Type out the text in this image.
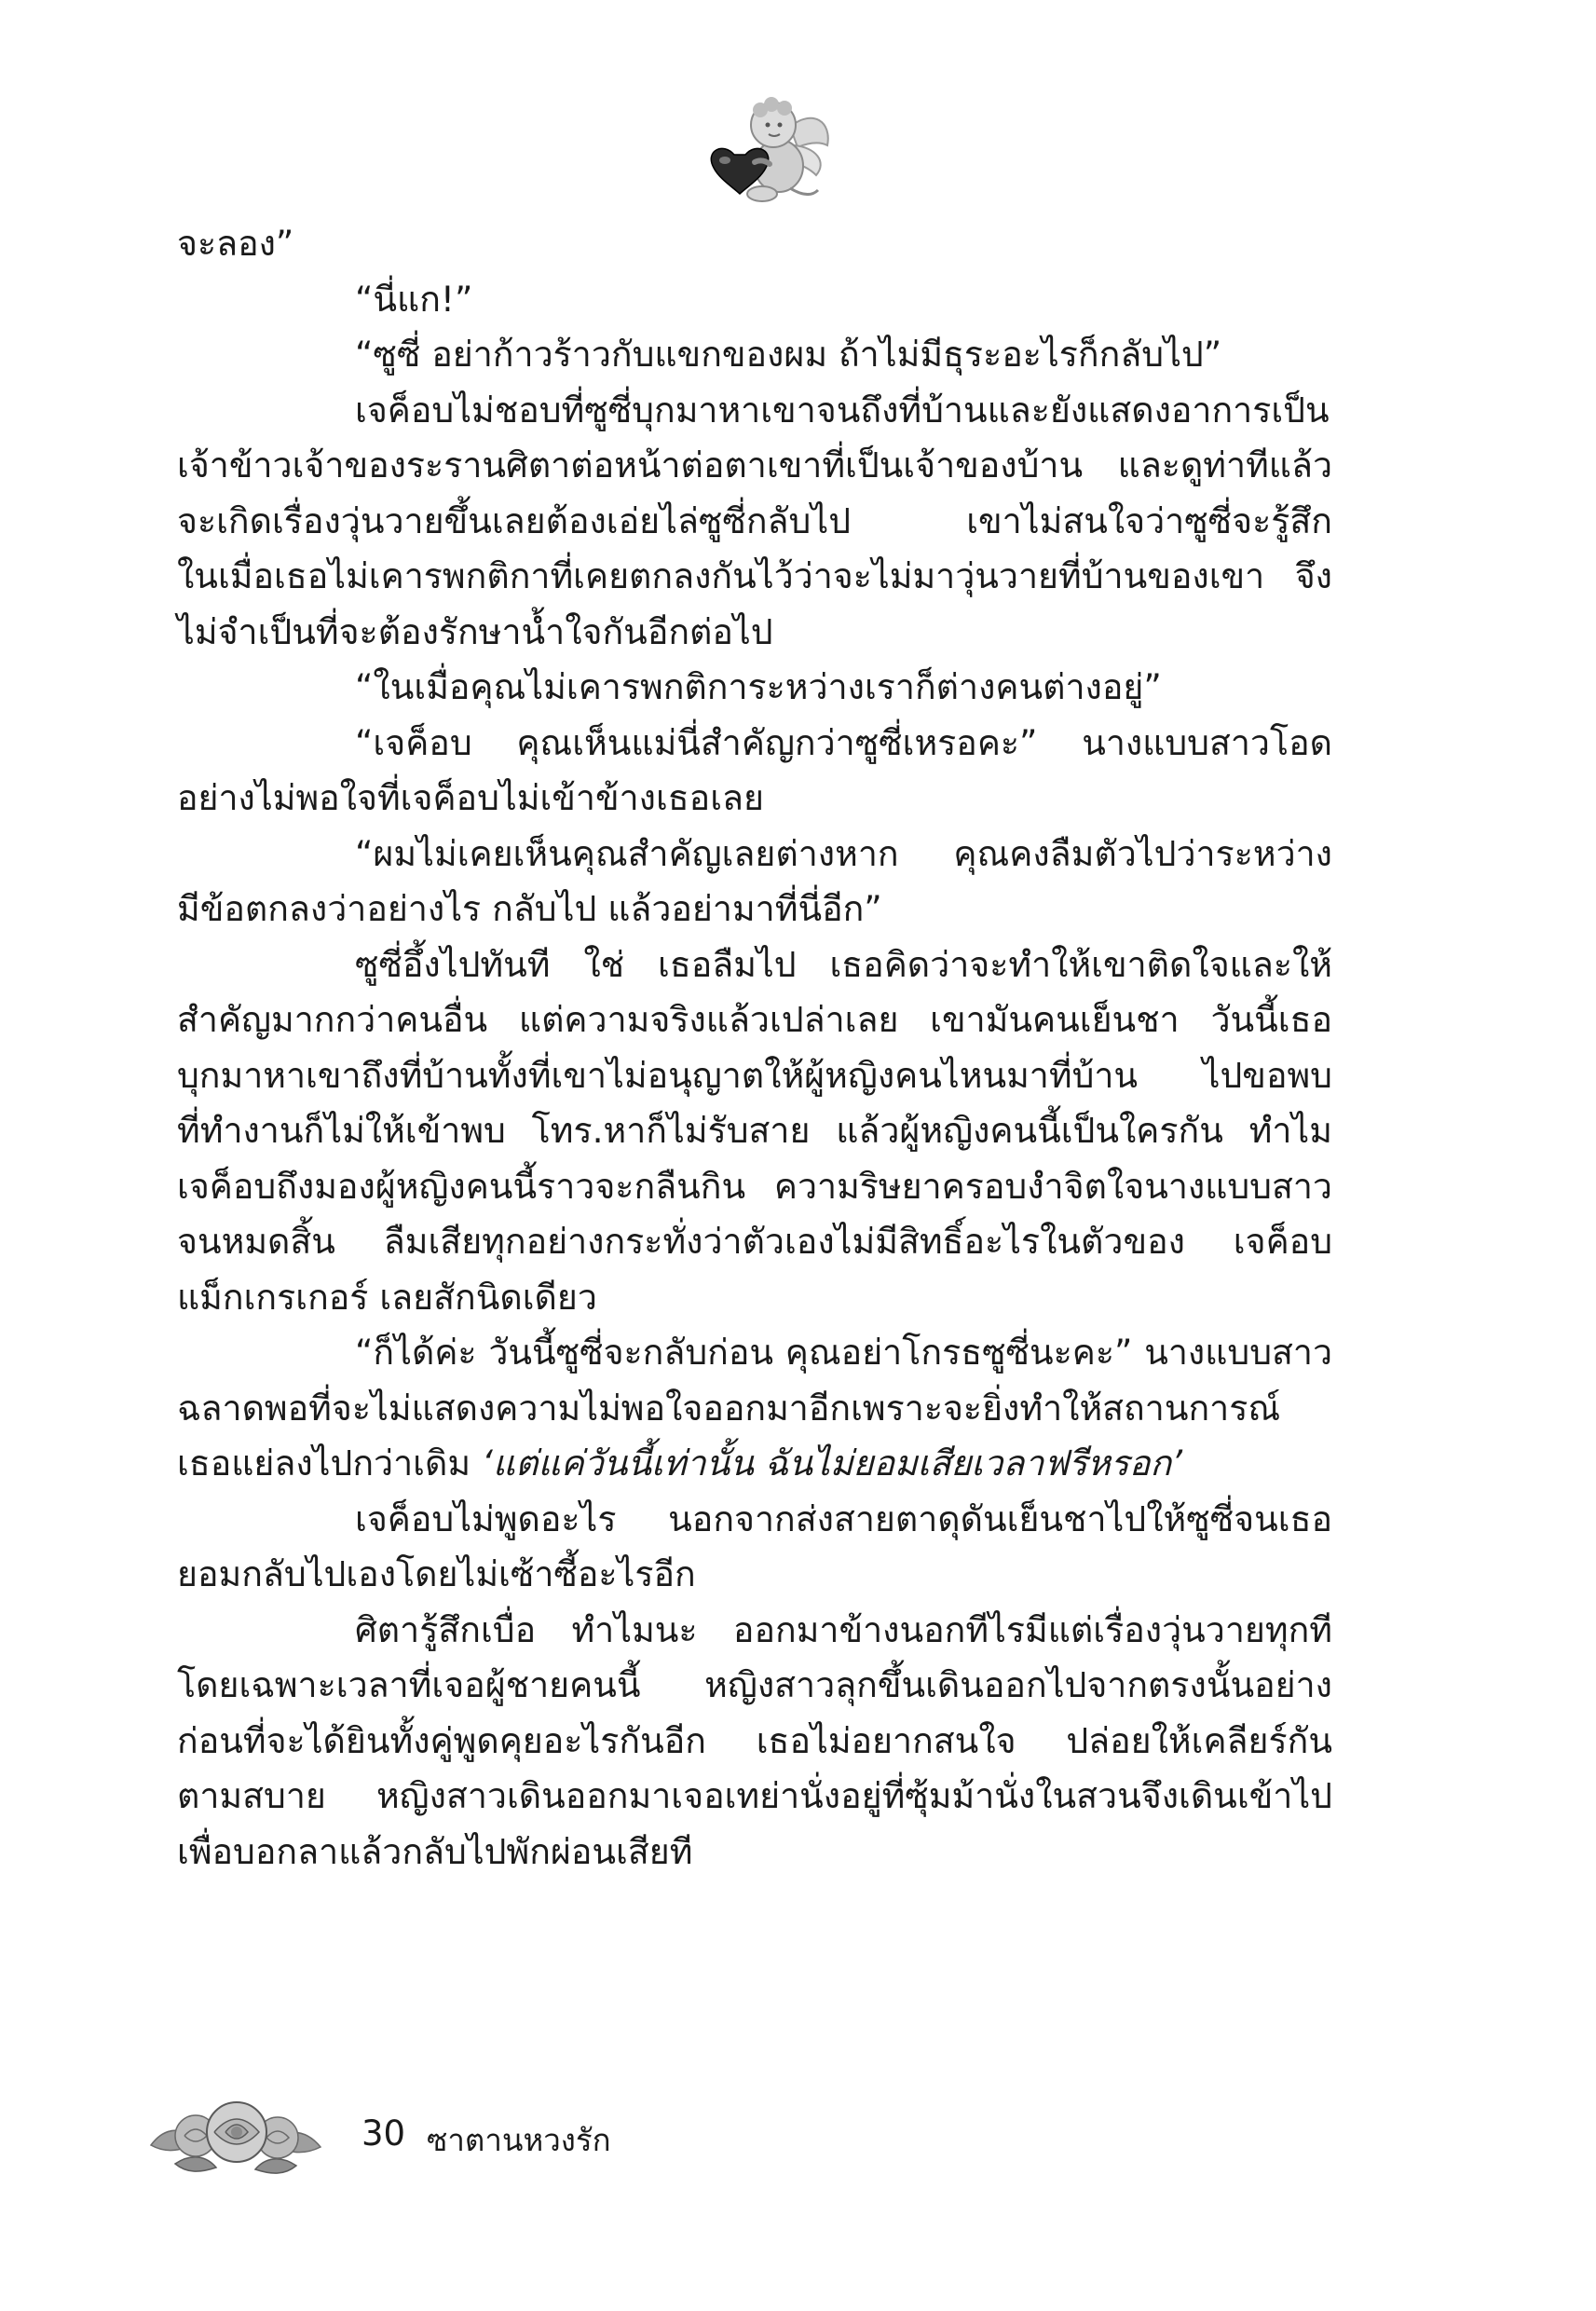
จะลอง”
“นี่แก!”
“ซูซี่ อย่าก้าวร้าวกับแขกของผม ถ้าไม่มีธุระอะไรก็กลับไป”
เจค็อบไม่ชอบที่ซูซี่บุกมาหาเขาจนถึงที่บ้านและยังแสดงอาการเป็น
เจ้าข้าวเจ้าของระรานศิตาต่อหน้าต่อตาเขาที่เป็นเจ้าของบ้าน และดูท่าทีแล้ว
จะเกิดเรื่องวุ่นวายขึ้นเลยต้องเอ่ยไล่ซูซี่กลับไป เขาไม่สนใจว่าซูซี่จะรู้สึก
ในเมื่อเธอไม่เคารพกติกาที่เคยตกลงกันไว้ว่าจะไม่มาวุ่นวายที่บ้านของเขา จึง
ไม่จำเป็นที่จะต้องรักษาน้ำใจกันอีกต่อไป
“ในเมื่อคุณไม่เคารพกติการะหว่างเราก็ต่างคนต่างอยู่”
“เจค็อบ คุณเห็นแม่นี่สำคัญกว่าซูซี่เหรอคะ” นางแบบสาวโอด
อย่างไม่พอใจที่เจค็อบไม่เข้าข้างเธอเลย
“ผมไม่เคยเห็นคุณสำคัญเลยต่างหาก คุณคงลืมตัวไปว่าระหว่าง
มีข้อตกลงว่าอย่างไร กลับไป แล้วอย่ามาที่นี่อีก”
ซูซี่อึ้งไปทันที ใช่ เธอลืมไป เธอคิดว่าจะทำให้เขาติดใจและให้
สำคัญมากกว่าคนอื่น แต่ความจริงแล้วเปล่าเลย เขามันคนเย็นชา วันนี้เธอ
บุกมาหาเขาถึงที่บ้านทั้งที่เขาไม่อนุญาตให้ผู้หญิงคนไหนมาที่บ้าน ไปขอพบ
ที่ทำงานก็ไม่ให้เข้าพบ โทร.หาก็ไม่รับสาย แล้วผู้หญิงคนนี้เป็นใครกัน ทำไม
เจค็อบถึงมองผู้หญิงคนนี้ราวจะกลืนกิน ความริษยาครอบงำจิตใจนางแบบสาว
จนหมดสิ้น ลืมเสียทุกอย่างกระทั่งว่าตัวเองไม่มีสิทธิ์อะไรในตัวของ เจค็อบ
แม็กเกรเกอร์ เลยสักนิดเดียว
“ก็ได้ค่ะ วันนี้ซูซี่จะกลับก่อน คุณอย่าโกรธซูซี่นะคะ” นางแบบสาว
ฉลาดพอที่จะไม่แสดงความไม่พอใจออกมาอีกเพราะจะยิ่งทำให้สถานการณ์
เธอแย่ลงไปกว่าเดิม ‘แต่แค่วันนี้เท่านั้น ฉันไม่ยอมเสียเวลาฟรีหรอก’
เจค็อบไม่พูดอะไร นอกจากส่งสายตาดุดันเย็นชาไปให้ซูซี่จนเธอ
ยอมกลับไปเองโดยไม่เซ้าซี้อะไรอีก
ศิตารู้สึกเบื่อ ทำไมนะ ออกมาข้างนอกทีไรมีแต่เรื่องวุ่นวายทุกที
โดยเฉพาะเวลาที่เจอผู้ชายคนนี้ หญิงสาวลุกขึ้นเดินออกไปจากตรงนั้นอย่าง
ก่อนที่จะได้ยินทั้งคู่พูดคุยอะไรกันอีก เธอไม่อยากสนใจ ปล่อยให้เคลียร์กัน
ตามสบาย หญิงสาวเดินออกมาเจอเทย่านั่งอยู่ที่ซุ้มม้านั่งในสวนจึงเดินเข้าไป
เพื่อบอกลาแล้วกลับไปพักผ่อนเสียที
30 ซาตานหวงรัก
